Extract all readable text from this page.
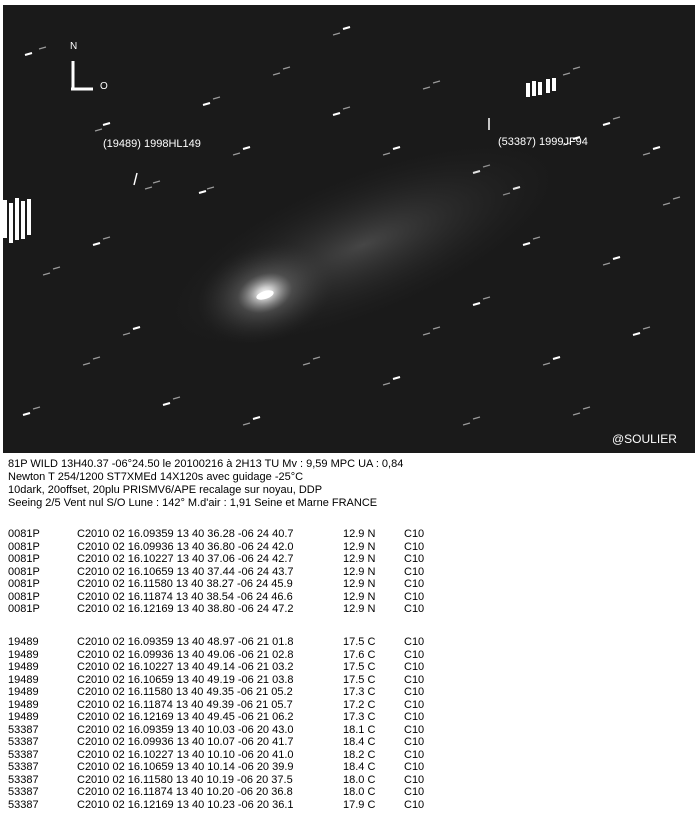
N
O
(19489) 1998HL149	(53387) 1999JF94
@SOULIER
81P WILD 13H40.37 -06°24.50 le 20100216 à 2H13 TU Mv : 9,59 MPC UA : 0,84
Newton T 254/1200 ST7XMEd 14X120s avec guidage -25°C
10dark, 20offset, 20plu PRISMV6/APE recalage sur noyau, DDP
Seeing 2/5 Vent nul S/O Lune : 142° M.d'air : 1,91 Seine et Marne FRANCE
0081P	C2010 02 16.09359 13 40 36.28 -06 24 40.7	12.9 N	C10
0081P	C2010 02 16.09936 13 40 36.80 -06 24 42.0	12.9 N	C10
0081P	C2010 02 16.10227 13 40 37.06 -06 24 42.7	12.9 N	C10
0081P	C2010 02 16.10659 13 40 37.44 -06 24 43.7	12.9 N	C10
0081P	C2010 02 16.11580 13 40 38.27 -06 24 45.9	12.9 N	C10
0081P	C2010 02 16.11874 13 40 38.54 -06 24 46.6	12.9 N	C10
0081P	C2010 02 16.12169 13 40 38.80 -06 24 47.2	12.9 N	C10
19489	C2010 02 16.09359 13 40 48.97 -06 21 01.8	17.5 C	C10
19489	C2010 02 16.09936 13 40 49.06 -06 21 02.8	17.6 C	C10
19489	C2010 02 16.10227 13 40 49.14 -06 21 03.2	17.5 C	C10
19489	C2010 02 16.10659 13 40 49.19 -06 21 03.8	17.5 C	C10
19489	C2010 02 16.11580 13 40 49.35 -06 21 05.2	17.3 C	C10
19489	C2010 02 16.11874 13 40 49.39 -06 21 05.7	17.2 C	C10
19489	C2010 02 16.12169 13 40 49.45 -06 21 06.2	17.3 C	C10
53387	C2010 02 16.09359 13 40 10.03 -06 20 43.0	18.1 C	C10
53387	C2010 02 16.09936 13 40 10.07 -06 20 41.7	18.4 C	C10
53387	C2010 02 16.10227 13 40 10.10 -06 20 41.0	18.2 C	C10
53387	C2010 02 16.10659 13 40 10.14 -06 20 39.9	18.4 C	C10
53387	C2010 02 16.11580 13 40 10.19 -06 20 37.5	18.0 C	C10
53387	C2010 02 16.11874 13 40 10.20 -06 20 36.8	18.0 C	C10
53387	C2010 02 16.12169 13 40 10.23 -06 20 36.1	17.9 C	C10
